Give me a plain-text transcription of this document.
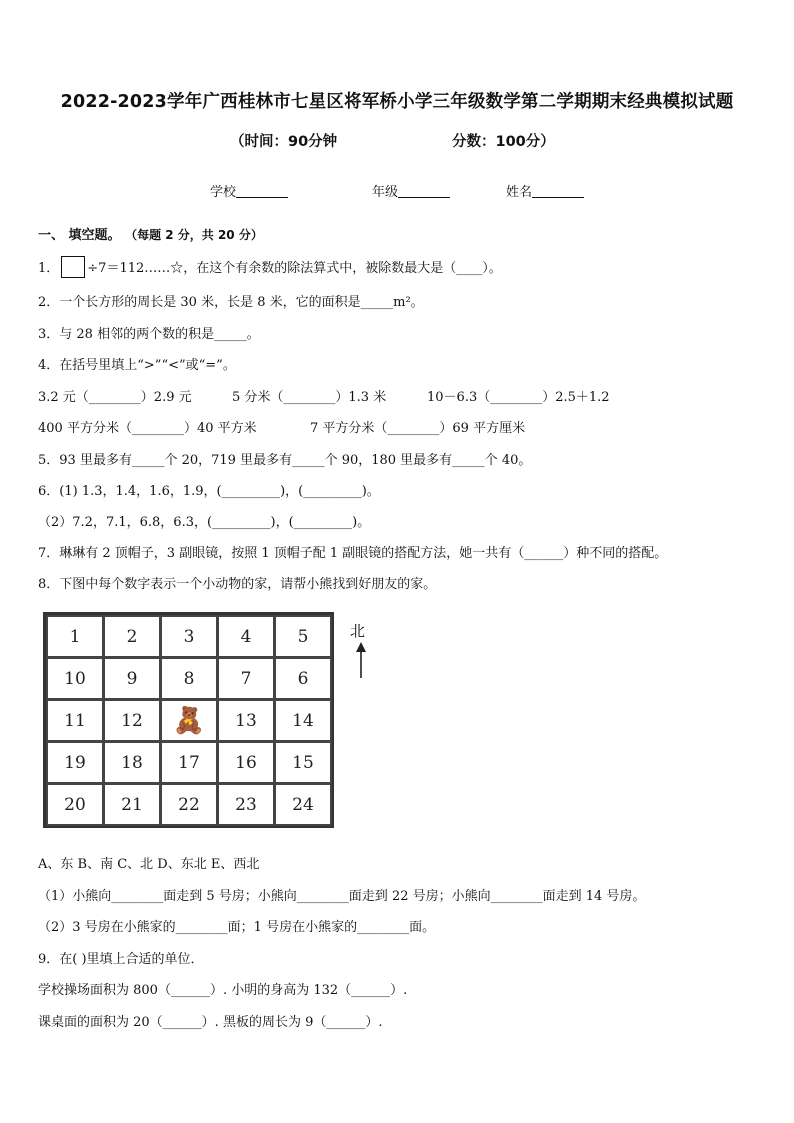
2022-2023学年广西桂林市七星区将军桥小学三年级数学第二学期期末经典模拟试题
（时间：90分钟	分数：100分）
学校	年级	姓名
一、 填空题。 （每题 2 分，共 20 分）
1． ÷7＝112……☆，在这个有余数的除法算式中，被除数最大是（____）。
2．一个长方形的周长是 30 米，长是 8 米，它的面积是_____m²。
3．与 28 相邻的两个数的积是_____。
4．在括号里填上“>”“<”或“=”。
3.2 元（________）2.9 元	5 分米（________）1.3 米	10－6.3（________）2.5＋1.2
400 平方分米（________）40 平方米	7 平方分米（________）69 平方厘米
5．93 里最多有_____个 20，719 里最多有_____个 90，180 里最多有_____个 40。
6．(1) 1.3，1.4，1.6，1.9，(_________)，(_________)。
（2）7.2，7.1，6.8，6.3，(_________)，(_________)。
7．琳琳有 2 顶帽子，3 副眼镜，按照 1 顶帽子配 1 副眼镜的搭配方法，她一共有（______）种不同的搭配。
8．下图中每个数字表示一个小动物的家，请帮小熊找到好朋友的家。
1	2	3	4	5
10 9	8	7	6
11 12 🧸 13 14
19 18 17 16 15
20 21 22 23 24
北
A、东 B、南 C、北 D、东北 E、西北
（1）小熊向________面走到 5 号房；小熊向________面走到 22 号房；小熊向________面走到 14 号房。
（2）3 号房在小熊家的________面；1 号房在小熊家的________面。
9．在( )里填上合适的单位．
学校操场面积为 800（______）. 小明的身高为 132（______）.
课桌面的面积为 20（______）. 黑板的周长为 9（______）.
